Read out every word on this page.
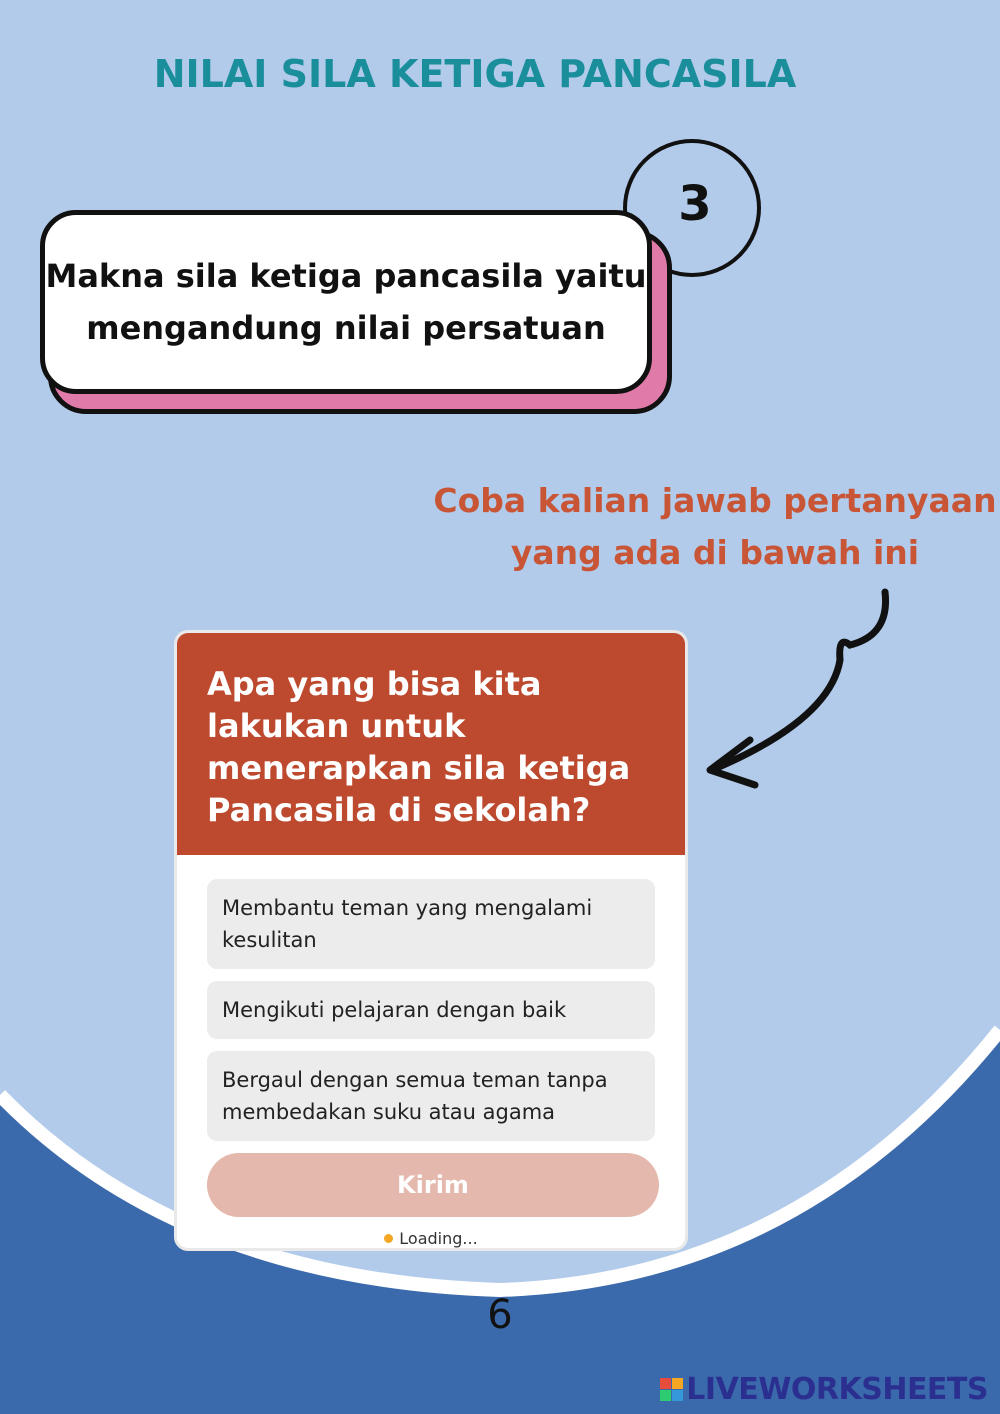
NILAI SILA KETIGA PANCASILA
3
Makna sila ketiga pancasila yaitu
mengandung nilai persatuan
Coba kalian jawab pertanyaan
yang ada di bawah ini
Apa yang bisa kita
lakukan untuk
menerapkan sila ketiga
Pancasila di sekolah?
Membantu teman yang mengalami
kesulitan
Mengikuti pelajaran dengan baik
Bergaul dengan semua teman tanpa
membedakan suku atau agama
Kirim
Loading...
6
LIVEWORKSHEETS
